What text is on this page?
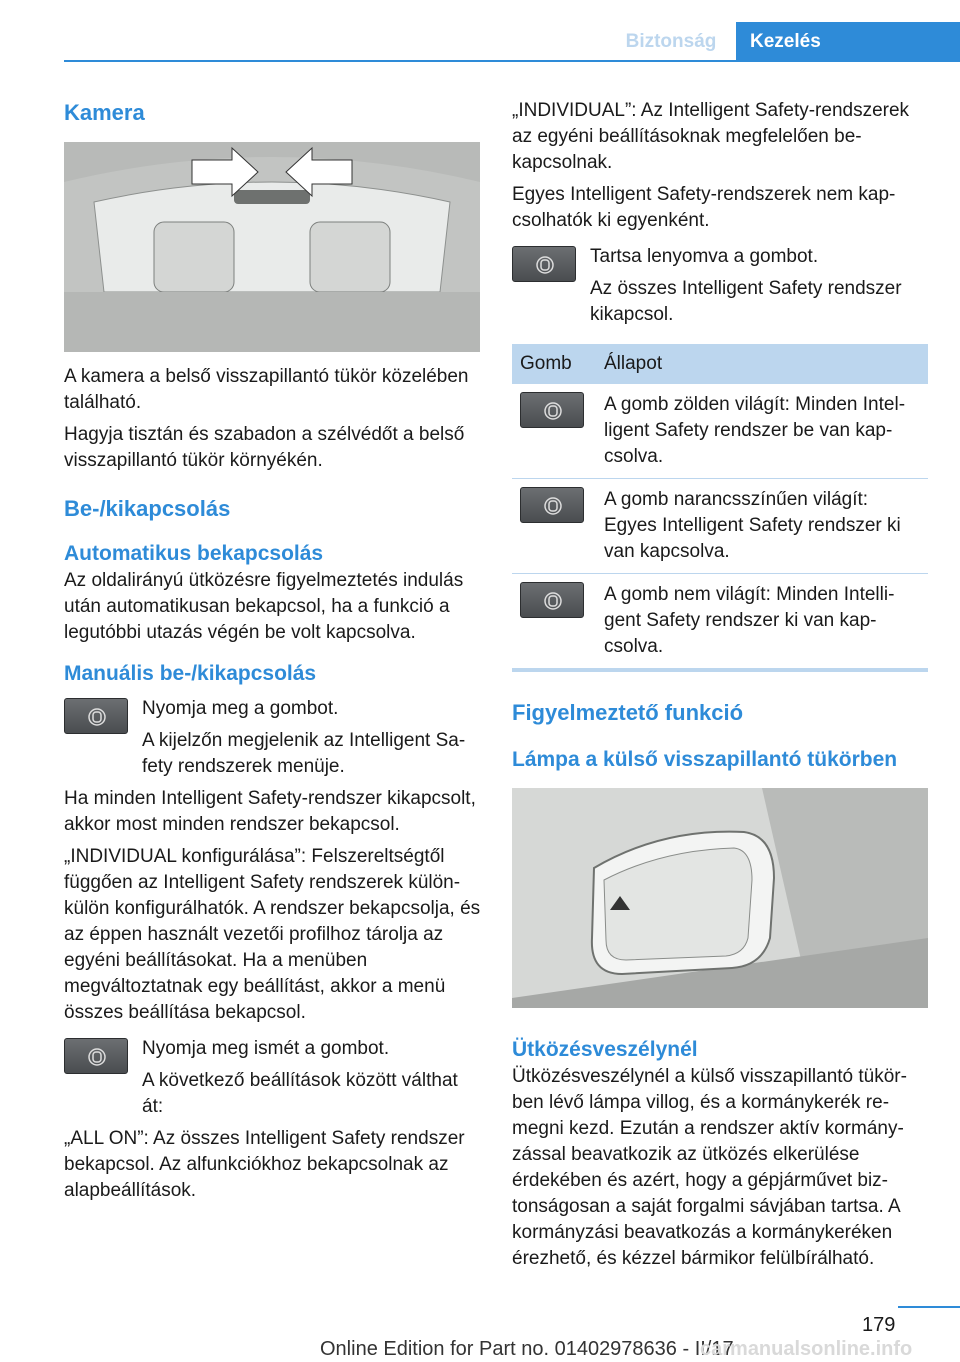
Biztonság	Kezelés
Kamera

A kamera a belső visszapillantó tükör közelében található.

Hagyja tisztán és szabadon a szélvédőt a belső visszapillantó tükör környékén.

Be-/kikapcsolás
Automatikus bekapcsolás

Az oldalirányú ütközésre figyelmeztetés indulás után automatikusan bekapcsol, ha a funkció a legutóbbi utazás végén be volt kapcsolva.

Manuális be-/kikapcsolás

Nyomja meg a gombot.

A kijelzőn megjelenik az Intelligent Safety rendszerek menüje.

Ha minden Intelligent Safety-rendszer kikapcsolt, akkor most minden rendszer bekapcsol.

„INDIVIDUAL konfigurálása”: Felszereltségtől függően az Intelligent Safety rendszerek külön-külön konfigurálhatók. A rendszer bekapcsolja, és az éppen használt vezetői profilhoz tárolja az egyéni beállításokat. Ha a menüben megváltoztatnak egy beállítást, akkor a menü összes beállítása bekapcsol.

Nyomja meg ismét a gombot.

A következő beállítások között válthat át:

„ALL ON”: Az összes Intelligent Safety rendszer bekapcsol. Az alfunkciókhoz bekapcsolnak az alapbeállítások.

„INDIVIDUAL”: Az Intelligent Safety-rendszerek az egyéni beállításoknak megfelelően bekapcsolnak.

Egyes Intelligent Safety-rendszerek nem kapcsolhatók ki egyenként.

Tartsa lenyomva a gombot.

Az összes Intelligent Safety rendszer kikapcsol.

Gomb	Állapot

	A gomb zölden világít: Minden Intelligent Safety rendszer be van kapcsolva.

	A gomb narancsszínűen világít: Egyes Intelligent Safety rendszer ki van kapcsolva.

	A gomb nem világít: Minden Intelligent Safety rendszer ki van kapcsolva.
Figyelmeztető funkció
Lámpa a külső visszapillantó tükörben
Ütközésveszélynél

Ütközésveszélynél a külső visszapillantó tükörben lévő lámpa villog, és a kormánykerék remegni kezd. Ezután a rendszer aktív kormányzással beavatkozik az ütközés elkerülése érdekében és azért, hogy a gépjárművet biztonságosan a saját forgalmi sávjában tartsa. A kormányzási beavatkozás a kormánykeréken érezhető, és kézzel bármikor felülbírálható.

179
Online Edition for Part no. 01402978636 - II/17
carmanualsonline.info
